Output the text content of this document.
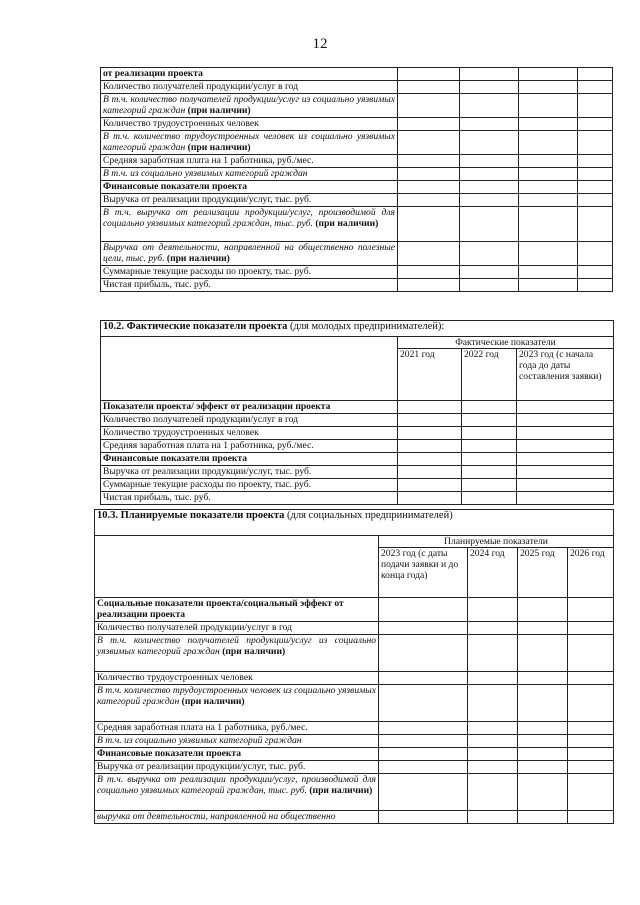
12
от реализации проекта				
Количество получателей продукции/услуг в год				
В т.ч. количество получателей продукции/услуг из социально уязвимых категорий граждан (при наличии)				
Количество трудоустроенных человек				
В т.ч. количество трудоустроенных человек из социально уязвимых категорий граждан (при наличии)				
Средняя заработная плата на 1 работника, руб./мес.				
В т.ч. из социально уязвимых категорий граждан				
Финансовые показатели проекта				
Выручка от реализации продукции/услуг, тыс. руб.				
В т.ч. выручка от реализации продукции/услуг, производимой для социально уязвимых категорий граждан, тыс. руб. (при наличии)				
Выручка от деятельности, направленной на общественно полезные цели, тыс. руб. (при наличии)				
Суммарные текущие расходы по проекту, тыс. руб.				
Чистая прибыль, тыс. руб.				
10.2. Фактические показатели проекта (для молодых предпринимателей):			
	Фактические показатели		
	2021 год	2022 год	2023 год (с начала года до даты составления заявки)
Показатели проекта/ эффект от реализации проекта			
Количество получателей продукции/услуг в год			
Количество трудоустроенных человек			
Средняя заработная плата на 1 работника, руб./мес.			
Финансовые показатели проекта			
Выручка от реализации продукции/услуг, тыс. руб.			
Суммарные текущие расходы по проекту, тыс. руб.			
Чистая прибыль, тыс. руб.			
10.3. Планируемые показатели проекта (для социальных предпринимателей)				
	Планируемые показатели			
	2023 год (с даты подачи заявки и до конца года)	2024 год	2025 год	2026 год
Социальные показатели проекта/социальный эффект от реализации проекта				
Количество получателей продукции/услуг в год				
В т.ч. количество получателей продукции/услуг из социально уязвимых категорий граждан (при наличии)				
Количество трудоустроенных человек				
В т.ч. количество трудоустроенных человек из социально уязвимых категорий граждан (при наличии)				
Средняя заработная плата на 1 работника, руб./мес.				
В т.ч. из социально уязвимых категорий граждан				
Финансовые показатели проекта				
Выручка от реализации продукции/услуг, тыс. руб.				
В т.ч. выручка от реализации продукции/услуг, производимой для социально уязвимых категорий граждан, тыс. руб. (при наличии)				
выручка от деятельности, направленной на общественно				
